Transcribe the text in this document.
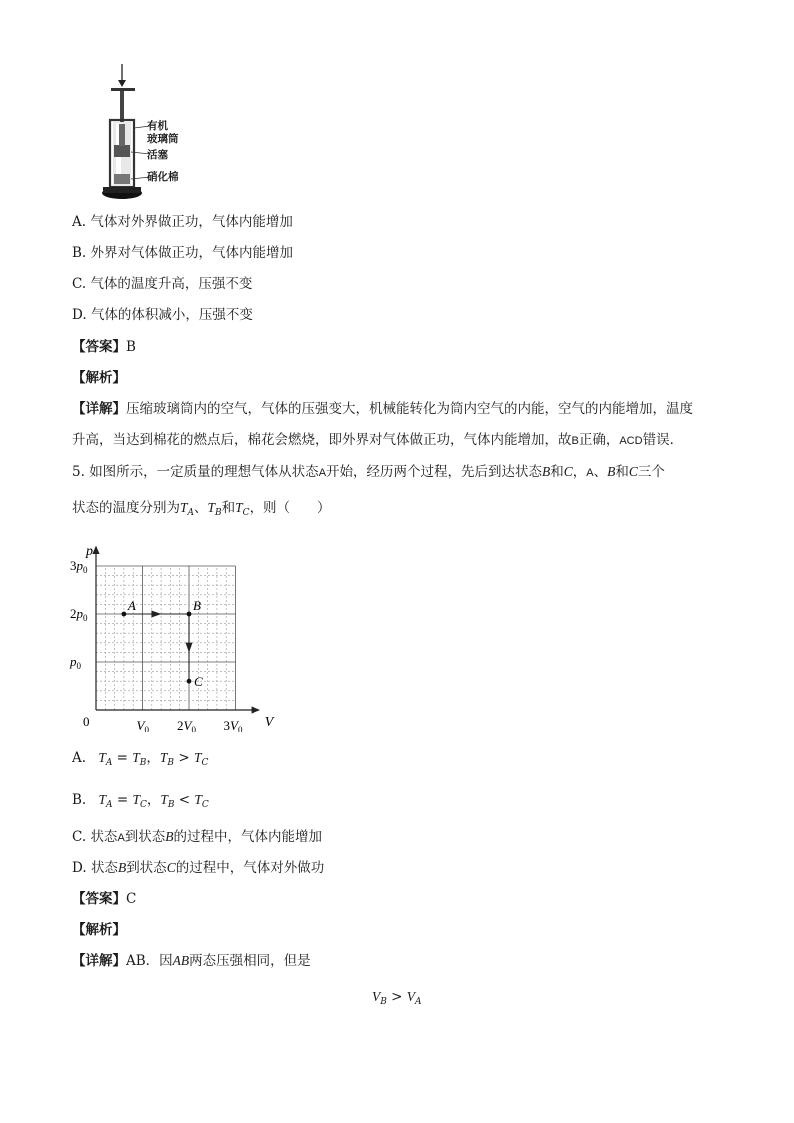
有机
玻璃筒
活塞
硝化棉
A. 气体对外界做正功，气体内能增加
B. 外界对气体做正功，气体内能增加
C. 气体的温度升高，压强不变
D. 气体的体积减小，压强不变
【答案】B
【解析】
【详解】压缩玻璃筒内的空气，气体的压强变大，机械能转化为筒内空气的内能，空气的内能增加，温度
升高，当达到棉花的燃点后，棉花会燃烧，即外界对气体做正功，气体内能增加，故B正确，ACD错误．
5. 如图所示，一定质量的理想气体从状态A开始，经历两个过程，先后到达状态B和C，A、B和C三个
状态的温度分别为$T_A$、$T_B$和$T_C$，则（　　）
p
V
0	$V_0$ $2V_0$ $3V_0$
$p_0$
$2p_0$
$3p_0$
A	B
C
A. $T_A = T_B$，$T_B > T_C$
B. $T_A = T_C$，$T_B < T_C$
C. 状态A到状态B的过程中，气体内能增加
D. 状态B到状态C的过程中，气体对外做功
【答案】C
【解析】
【详解】AB．因AB两态压强相同，但是
$V_B > V_A$
